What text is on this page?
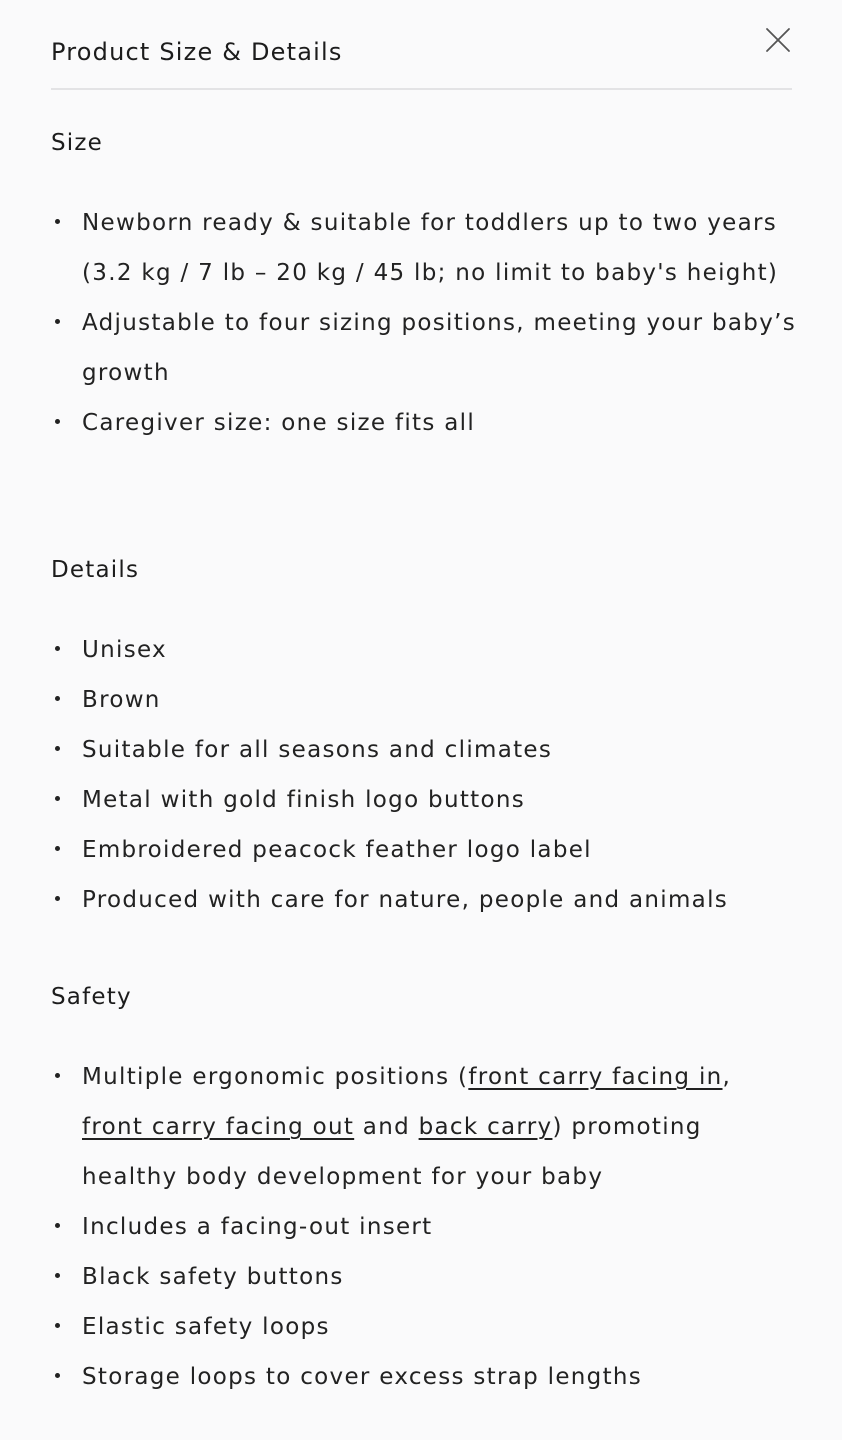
Product Size & Details
Size
Newborn ready & suitable for toddlers up to two years (3.2 kg / 7 lb – 20 kg / 45 lb; no limit to baby's height)
Adjustable to four sizing positions, meeting your baby’s growth
Caregiver size: one size fits all
Details
Unisex
Brown
Suitable for all seasons and climates
Metal with gold finish logo buttons
Embroidered peacock feather logo label
Produced with care for nature, people and animals
Safety
Multiple ergonomic positions (front carry facing in, front carry facing out and back carry) promoting healthy body development for your baby
Includes a facing-out insert
Black safety buttons
Elastic safety loops
Storage loops to cover excess strap lengths
